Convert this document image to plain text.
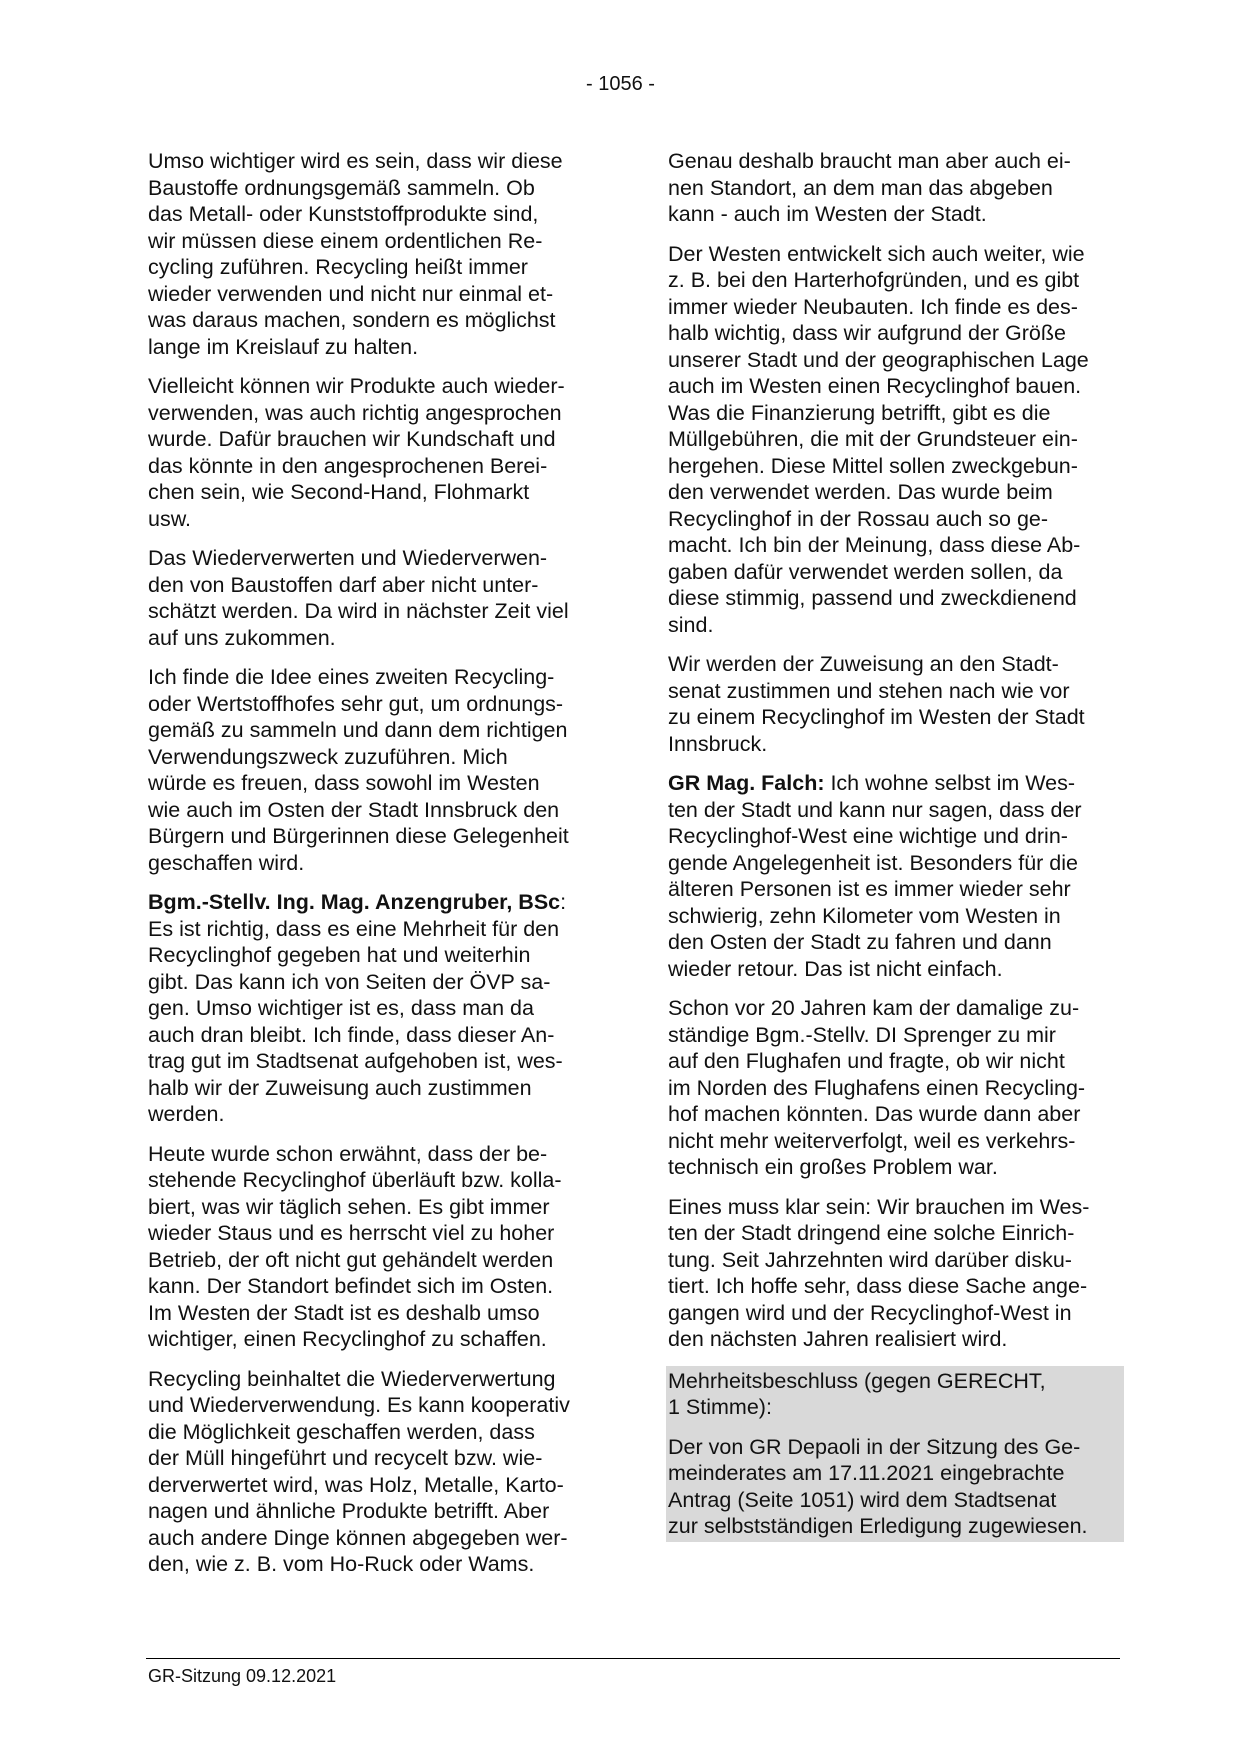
- 1056 -

Umso wichtiger wird es sein, dass wir diese
Baustoffe ordnungsgemäß sammeln. Ob
das Metall- oder Kunststoffprodukte sind,
wir müssen diese einem ordentlichen Re-
cycling zuführen. Recycling heißt immer
wieder verwenden und nicht nur einmal et-
was daraus machen, sondern es möglichst
lange im Kreislauf zu halten.

Vielleicht können wir Produkte auch wieder-
verwenden, was auch richtig angesprochen
wurde. Dafür brauchen wir Kundschaft und
das könnte in den angesprochenen Berei-
chen sein, wie Second-Hand, Flohmarkt
usw.

Das Wiederverwerten und Wiederverwen-
den von Baustoffen darf aber nicht unter-
schätzt werden. Da wird in nächster Zeit viel
auf uns zukommen.

Ich finde die Idee eines zweiten Recycling-
oder Wertstoffhofes sehr gut, um ordnungs-
gemäß zu sammeln und dann dem richtigen
Verwendungszweck zuzuführen. Mich
würde es freuen, dass sowohl im Westen
wie auch im Osten der Stadt Innsbruck den
Bürgern und Bürgerinnen diese Gelegenheit
geschaffen wird.

Bgm.-Stellv. Ing. Mag. Anzengruber, BSc:
Es ist richtig, dass es eine Mehrheit für den
Recyclinghof gegeben hat und weiterhin
gibt. Das kann ich von Seiten der ÖVP sa-
gen. Umso wichtiger ist es, dass man da
auch dran bleibt. Ich finde, dass dieser An-
trag gut im Stadtsenat aufgehoben ist, wes-
halb wir der Zuweisung auch zustimmen
werden.

Heute wurde schon erwähnt, dass der be-
stehende Recyclinghof überläuft bzw. kolla-
biert, was wir täglich sehen. Es gibt immer
wieder Staus und es herrscht viel zu hoher
Betrieb, der oft nicht gut gehändelt werden
kann. Der Standort befindet sich im Osten.
Im Westen der Stadt ist es deshalb umso
wichtiger, einen Recyclinghof zu schaffen.

Recycling beinhaltet die Wiederverwertung
und Wiederverwendung. Es kann kooperativ
die Möglichkeit geschaffen werden, dass
der Müll hingeführt und recycelt bzw. wie-
derverwertet wird, was Holz, Metalle, Karto-
nagen und ähnliche Produkte betrifft. Aber
auch andere Dinge können abgegeben wer-
den, wie z. B. vom Ho-Ruck oder Wams.

Genau deshalb braucht man aber auch ei-
nen Standort, an dem man das abgeben
kann - auch im Westen der Stadt.

Der Westen entwickelt sich auch weiter, wie
z. B. bei den Harterhofgründen, und es gibt
immer wieder Neubauten. Ich finde es des-
halb wichtig, dass wir aufgrund der Größe
unserer Stadt und der geographischen Lage
auch im Westen einen Recyclinghof bauen.
Was die Finanzierung betrifft, gibt es die
Müllgebühren, die mit der Grundsteuer ein-
hergehen. Diese Mittel sollen zweckgebun-
den verwendet werden. Das wurde beim
Recyclinghof in der Rossau auch so ge-
macht. Ich bin der Meinung, dass diese Ab-
gaben dafür verwendet werden sollen, da
diese stimmig, passend und zweckdienend
sind.

Wir werden der Zuweisung an den Stadt-
senat zustimmen und stehen nach wie vor
zu einem Recyclinghof im Westen der Stadt
Innsbruck.

GR Mag. Falch: Ich wohne selbst im Wes-
ten der Stadt und kann nur sagen, dass der
Recyclinghof-West eine wichtige und drin-
gende Angelegenheit ist. Besonders für die
älteren Personen ist es immer wieder sehr
schwierig, zehn Kilometer vom Westen in
den Osten der Stadt zu fahren und dann
wieder retour. Das ist nicht einfach.

Schon vor 20 Jahren kam der damalige zu-
ständige Bgm.-Stellv. DI Sprenger zu mir
auf den Flughafen und fragte, ob wir nicht
im Norden des Flughafens einen Recycling-
hof machen könnten. Das wurde dann aber
nicht mehr weiterverfolgt, weil es verkehrs-
technisch ein großes Problem war.

Eines muss klar sein: Wir brauchen im Wes-
ten der Stadt dringend eine solche Einrich-
tung. Seit Jahrzehnten wird darüber disku-
tiert. Ich hoffe sehr, dass diese Sache ange-
gangen wird und der Recyclinghof-West in
den nächsten Jahren realisiert wird.

Mehrheitsbeschluss (gegen GERECHT,
1 Stimme):

Der von GR Depaoli in der Sitzung des Ge-
meinderates am 17.11.2021 eingebrachte
Antrag (Seite 1051) wird dem Stadtsenat
zur selbstständigen Erledigung zugewiesen.

GR-Sitzung 09.12.2021
